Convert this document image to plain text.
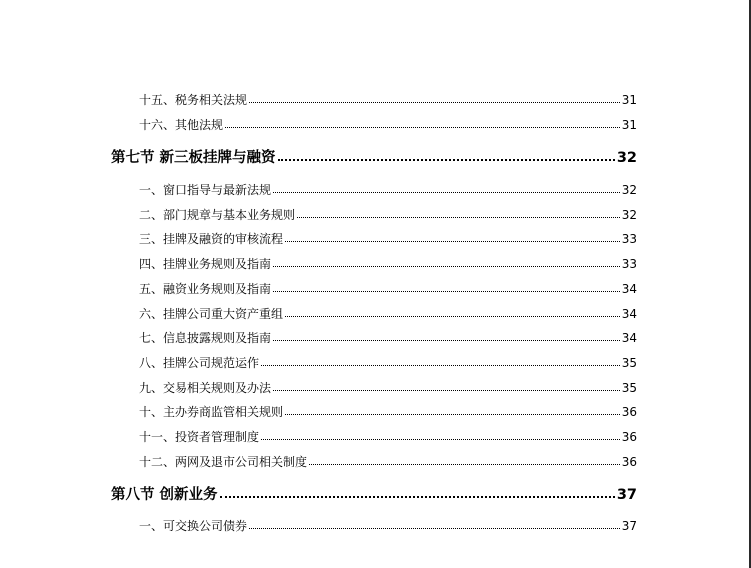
十五、税务相关法规	31
十六、其他法规	31
第七节 新三板挂牌与融资	32
一、窗口指导与最新法规	32
二、部门规章与基本业务规则	32
三、挂牌及融资的审核流程	33
四、挂牌业务规则及指南	33
五、融资业务规则及指南	34
六、挂牌公司重大资产重组	34
七、信息披露规则及指南	34
八、挂牌公司规范运作	35
九、交易相关规则及办法	35
十、主办券商监管相关规则	36
十一、投资者管理制度	36
十二、两网及退市公司相关制度	36
第八节 创新业务	37
一、可交换公司债券	37
